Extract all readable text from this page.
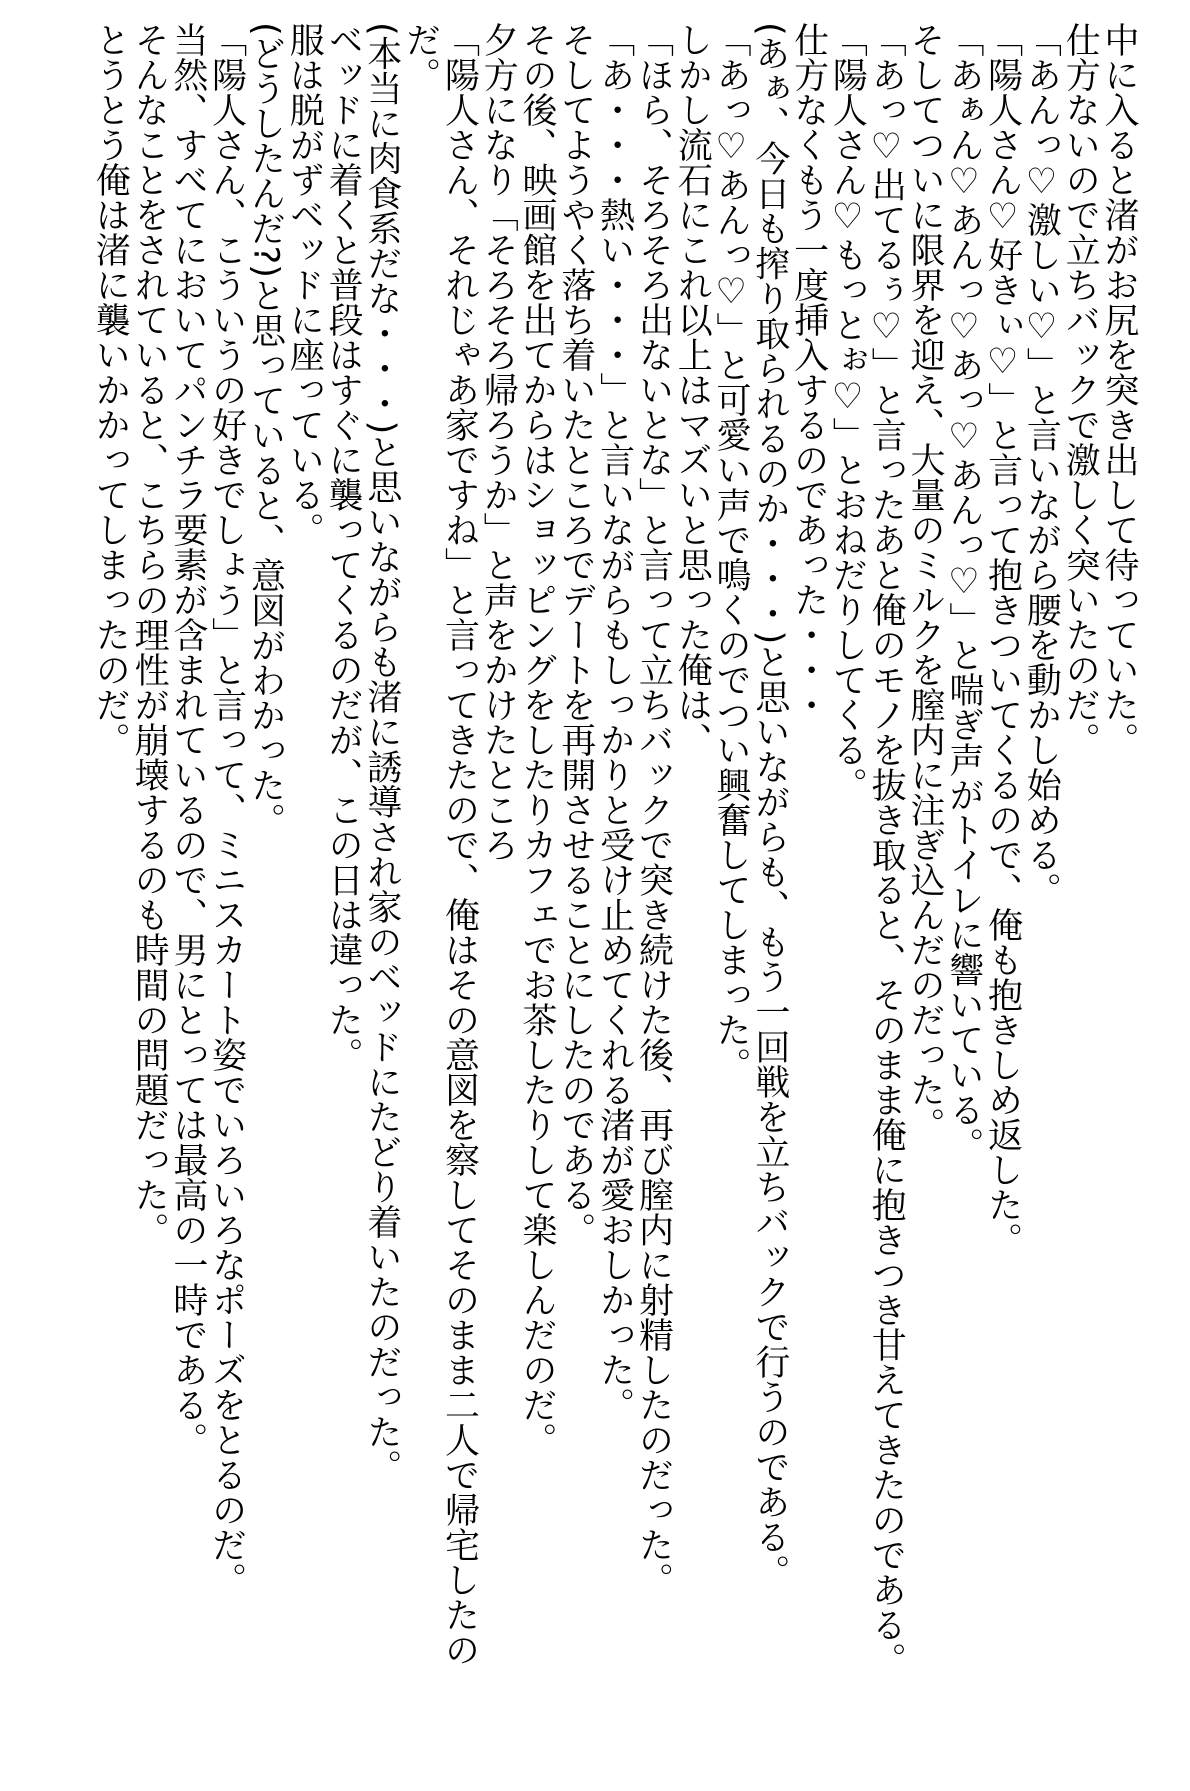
中に入ると渚がお尻を突き出して待っていた。

仕方ないので立ちバックで激しく突いたのだ。

「あんっ♡激しい♡」と言いながら腰を動かし始める。

「陽人さん♡好きぃ♡」と言って抱きついてくるので、俺も抱きしめ返した。

「あぁん♡あんっ♡あっ♡あんっ♡」と喘ぎ声がトイレに響いている。

そしてついに限界を迎え、大量のミルクを膣内に注ぎ込んだのだった。

「あっ♡出てるぅ♡」と言ったあと俺のモノを抜き取ると、そのまま俺に抱きつき甘えてきたのである。

「陽人さん♡もっとぉ♡」とおねだりしてくる。

仕方なくもう一度挿入するのであった・・・

(あぁ、今日も搾り取られるのか・・・)と思いながらも、もう一回戦を立ちバックで行うのである。

「あっ♡あんっ♡」と可愛い声で鳴くのでつい興奮してしまった。

しかし流石にこれ以上はマズいと思った俺は、

「ほら、そろそろ出ないとな」と言って立ちバックで突き続けた後、再び膣内に射精したのだった。

「あ・・・熱い・・・」と言いながらもしっかりと受け止めてくれる渚が愛おしかった。

そしてようやく落ち着いたところでデートを再開させることにしたのである。

その後、映画館を出てからはショッピングをしたりカフェでお茶したりして楽しんだのだ。

夕方になり「そろそろ帰ろうか」と声をかけたところ

「陽人さん、それじゃあ家ですね」と言ってきたので、俺はその意図を察してそのまま二人で帰宅したの

だ。

(本当に肉食系だな・・・)と思いながらも渚に誘導され家のベッドにたどり着いたのだった。

ベッドに着くと普段はすぐに襲ってくるのだが、この日は違った。

服は脱がずベッドに座っている。

(どうしたんだ?)と思っていると、意図がわかった。

「陽人さん、こういうの好きでしょう」と言って、ミニスカート姿でいろいろなポーズをとるのだ。

当然、すべてにおいてパンチラ要素が含まれているので、男にとっては最高の一時である。

そんなことをされていると、こちらの理性が崩壊するのも時間の問題だった。

とうとう俺は渚に襲いかかってしまったのだ。
